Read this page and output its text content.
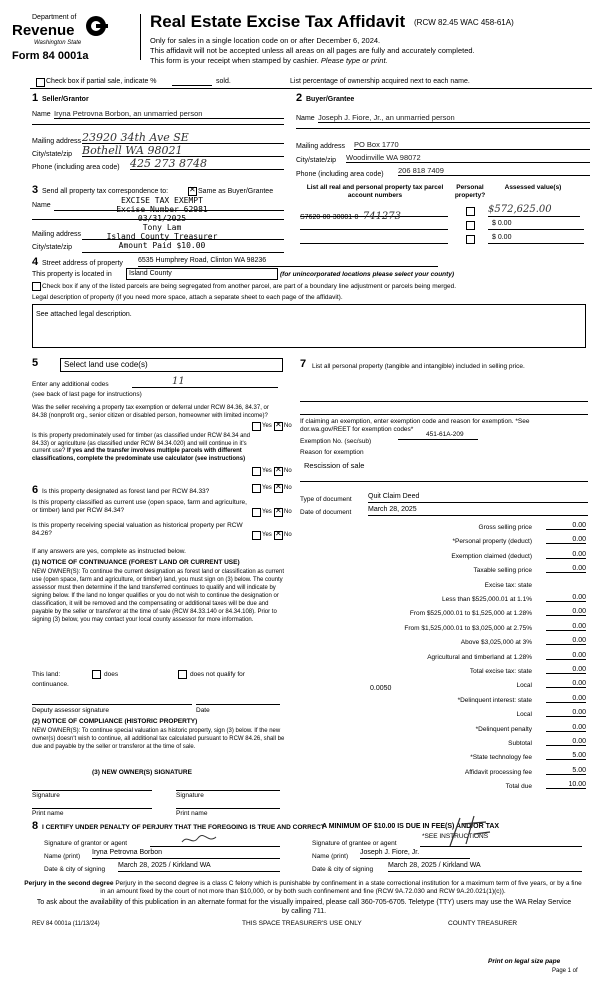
Department of
Revenue
Washington State
Form 84 0001a
Real Estate Excise Tax Affidavit (RCW 82.45 WAC 458-61A)
Only for sales in a single location code on or after December 6, 2024.
This affidavit will not be accepted unless all areas on all pages are fully and accurately completed.
This form is your receipt when stamped by cashier. Please type or print.
Check box if partial sale, indicate %	sold.	List percentage of ownership acquired next to each name.
1 Seller/Grantor
Name Iryna Petrovna Borbon, an unmarried person
Mailing address 23920 34th Ave SE
City/state/zip Bothell WA 98021
Phone (including area code) 425 273 8748
2 Buyer/Grantee
Name Joseph J. Fiore, Jr., an unmarried person
Mailing address PO Box 1770
City/state/zip Woodinville WA 98072
Phone (including area code) 206 818 7409
3 Send all property tax correspondence to: ✕	Same as Buyer/Grantee
Name
Mailing address
City/state/zip
EXCISE TAX EXEMPT
Excise Number 62981
03/31/2025
Tony Lam
Island County Treasurer
Amount Paid $10.00
List all real and personal property tax parcel account numbers
Personal property?
Assessed value(s)
S7620-00-30001-0 741273
$572,625.00
$ 0.00
$ 0.00
4 Street address of property 6535 Humphrey Road, Clinton WA 98236
This property is located in	Island County	(for unincorporated locations please select your county)
Check box if any of the listed parcels are being segregated from another parcel, are part of a boundary line adjustment or parcels being merged.
Legal description of property (if you need more space, attach a separate sheet to each page of the affidavit).
See attached legal description.
5	Select land use code(s)
Enter any additional codes	11
(see back of last page for instructions)
Was the seller receiving a property tax exemption or deferral under RCW 84.36, 84.37, or 84.38 (nonprofit org., senior citizen or disabled person, homeowner with limited income)?
Yes ✕ No
Is this property predominately used for timber (as classified under RCW 84.34 and 84.33) or agriculture (as classified under RCW 84.34.020) and will continue in it's current use? If yes and the transfer involves multiple parcels with different classifications, complete the predominate use calculator (see instructions)
Yes ✕ No
6 Is this property designated as forest land per RCW 84.33?	Yes ✕ No
Is this property classified as current use (open space, farm and agriculture, or timber) land per RCW 84.34?	Yes ✕ No
Is this property receiving special valuation as historical property per RCW 84.26?	Yes ✕ No
If any answers are yes, complete as instructed below.
(1) NOTICE OF CONTINUANCE (FOREST LAND OR CURRENT USE)
NEW OWNER(S): To continue the current designation as forest land or classification as current use (open space, farm and agriculture, or timber) land, you must sign on (3) below. The county assessor must then determine if the land transferred continues to qualify and will indicate by signing below. If the land no longer qualifies or you do not wish to continue the designation or classification, it will be removed and the compensating or additional taxes will be due and payable by the seller or transferor at the time of sale (RCW 84.33.140 or 84.34.108). Prior to signing (3) below, you may contact your local county assessor for more information.
This land:	does	does not qualify for
continuance.
Deputy assessor signature	Date
(2) NOTICE OF COMPLIANCE (HISTORIC PROPERTY)
NEW OWNER(S): To continue special valuation as historic property, sign (3) below. If the new owner(s) doesn't wish to continue, all additional tax calculated pursuant to RCW 84.26, shall be due and payable by the seller or transferor at the time of sale.
(3) NEW OWNER(S) SIGNATURE
Signature	Signature
Print name	Print name
7 List all personal property (tangible and intangible) included in selling price.
If claiming an exemption, enter exemption code and reason for exemption. *See dor.wa.gov/REET for exemption codes*
Exemption No. (sec/sub)
451-61A-209
Reason for exemption
Rescission of sale
Type of document Quit Claim Deed
Date of document March 28, 2025
Gross selling price	0.00
*Personal property (deduct)	0.00
Exemption claimed (deduct)	0.00
Taxable selling price	0.00
Excise tax: state
Less than $525,000.01 at 1.1%	0.00
From $525,000.01 to $1,525,000 at 1.28%	0.00
From $1,525,000.01 to $3,025,000 at 2.75%	0.00
Above $3,025,000 at 3%	0.00
Agricultural and timberland at 1.28%	0.00
Total excise tax: state	0.00
Local	0.00
*Delinquent interest: state	0.00
Local	0.00
*Delinquent penalty	0.00
Subtotal	0.00
*State technology fee	5.00
Affidavit processing fee	5.00
Total due	10.00
0.0050
A MINIMUM OF $10.00 IS DUE IN FEE(S) AND/OR TAX
*SEE INSTRUCTIONS
8 I CERTIFY UNDER PENALTY OF PERJURY THAT THE FOREGOING IS TRUE AND CORRECT
Signature of grantor or agent
Name (print)
Iryna Petrovna Borbon
Date & city of signing
March 28, 2025 / Kirkland WA
Signature of grantee or agent
Name (print)
Joseph J. Fiore, Jr.
Date & city of signing
March 28, 2025 / Kirkland WA
Perjury in the second degree Perjury in the second degree is a class C felony which is punishable by confinement in a state correctional institution for a maximum term of five years, or by a fine in an amount fixed by the court of not more than $10,000, or by both such confinement and fine (RCW 9A.72.030 and RCW 9A.20.021(1)(c)).
To ask about the availability of this publication in an alternate format for the visually impaired, please call 360-705-6705. Teletype (TTY) users may use the WA Relay Service by calling 711.
REV 84 0001a (11/13/24)	THIS SPACE TREASURER'S USE ONLY	COUNTY TREASURER
Print on legal size pape
Page 1 of
